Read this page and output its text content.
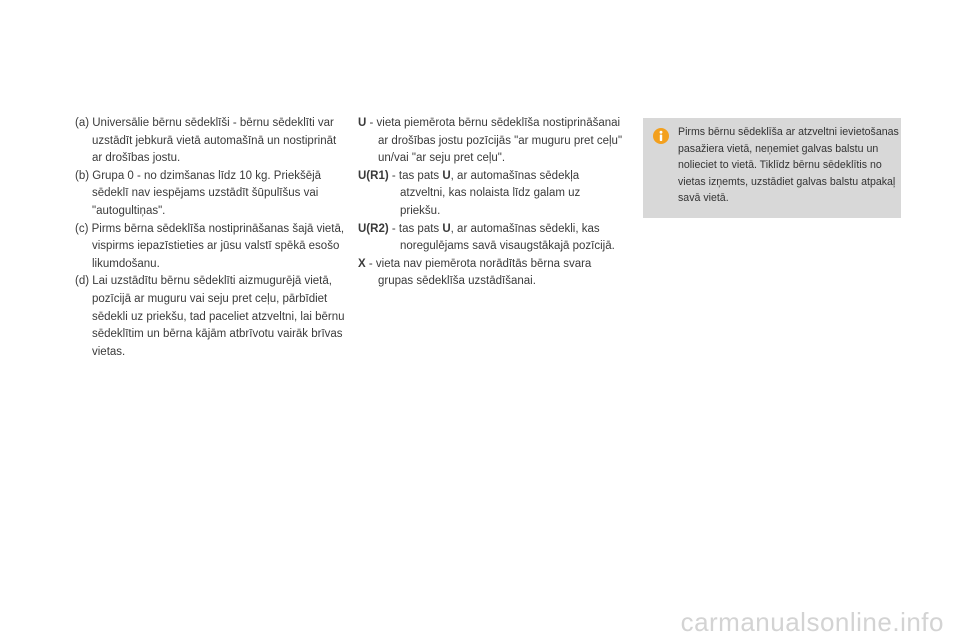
(a) Universālie bērnu sēdeklīši - bērnu sēdeklīti var uzstādīt jebkurā vietā automašīnā un nostiprināt ar drošības jostu.

(b) Grupa 0 - no dzimšanas līdz 10 kg. Priekšējā sēdeklī nav iespējams uzstādīt šūpulīšus vai "autogultiņas".

(c) Pirms bērna sēdeklīša nostiprināšanas šajā vietā, vispirms iepazīstieties ar jūsu valstī spēkā esošo likumdošanu.

(d) Lai uzstādītu bērnu sēdeklīti aizmugurējā vietā, pozīcijā ar muguru vai seju pret ceļu, pārbīdiet sēdekli uz priekšu, tad paceliet atzveltni, lai bērnu sēdeklītim un bērna kājām atbrīvotu vairāk brīvas vietas.

U - vieta piemērota bērnu sēdeklīša nostiprināšanai ar drošības jostu pozīcijās "ar muguru pret ceļu" un/vai "ar seju pret ceļu".

U(R1) - tas pats U, ar automašīnas sēdekļa atzveltni, kas nolaista līdz galam uz priekšu.

U(R2) - tas pats U, ar automašīnas sēdekli, kas noregulējams savā visaugstākajā pozīcijā.

X - vieta nav piemērota norādītās bērna svara grupas sēdeklīša uzstādīšanai.

Pirms bērnu sēdeklīša ar atzveltni ievietošanas pasažiera vietā, neņemiet galvas balstu un nolieciet to vietā. Tiklīdz bērnu sēdeklītis no vietas izņemts, uzstādiet galvas balstu atpakaļ savā vietā.
carmanualsonline.info
